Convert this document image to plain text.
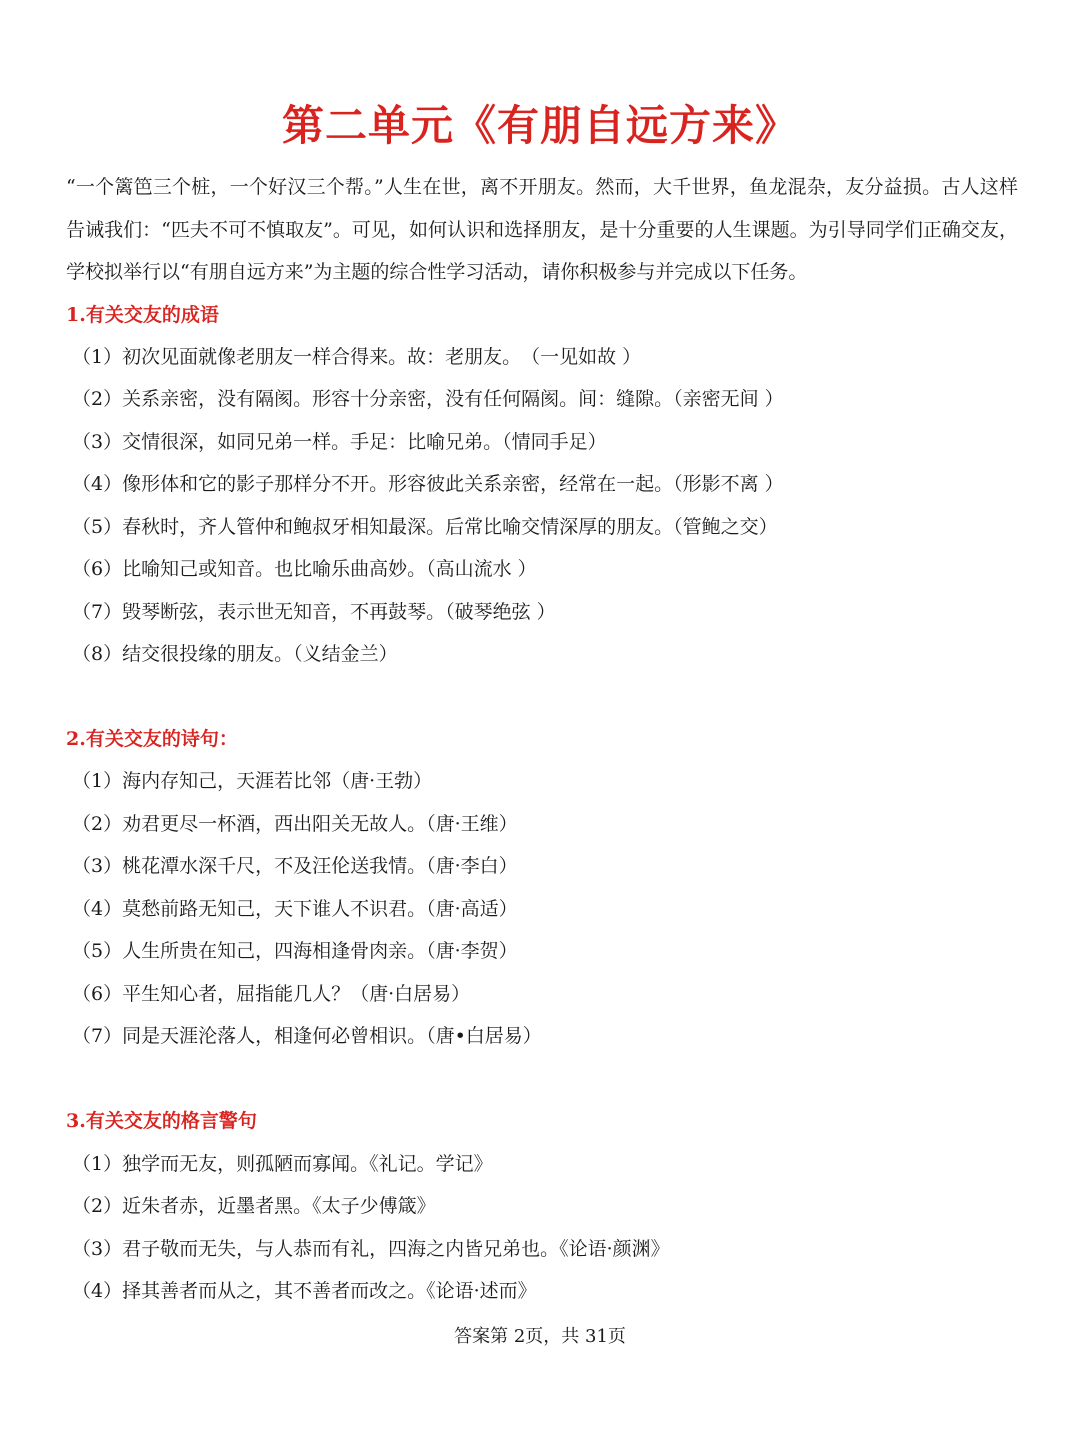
第二单元《有朋自远方来》
“一个篱笆三个桩，一个好汉三个帮。”人生在世，离不开朋友。然而，大千世界，鱼龙混杂，友分益损。古人这样告诫我们：“匹夫不可不慎取友”。可见，如何认识和选择朋友，是十分重要的人生课题。为引导同学们正确交友，学校拟举行以“有朋自远方来”为主题的综合性学习活动，请你积极参与并完成以下任务。
1.有关交友的成语
（1）初次见面就像老朋友一样合得来。故：老朋友。　（一见如故 ）
（2）关系亲密，没有隔阂。形容十分亲密，没有任何隔阂。间：缝隙。（亲密无间 ）
（3）交情很深，如同兄弟一样。手足：比喻兄弟。（情同手足）
（4）像形体和它的影子那样分不开。形容彼此关系亲密，经常在一起。（形影不离 ）
（5）春秋时，齐人管仲和鲍叔牙相知最深。后常比喻交情深厚的朋友。（管鲍之交）
（6）比喻知己或知音。也比喻乐曲高妙。（高山流水 ）
（7）毁琴断弦，表示世无知音，不再鼓琴。（破琴绝弦 ）
（8）结交很投缘的朋友。（义结金兰）
2.有关交友的诗句：
（1）海内存知己，天涯若比邻（唐·王勃）
（2）劝君更尽一杯酒，西出阳关无故人。（唐·王维）
（3）桃花潭水深千尺，不及汪伦送我情。（唐·李白）
（4）莫愁前路无知己，天下谁人不识君。（唐·高适）
（5）人生所贵在知己，四海相逢骨肉亲。（唐·李贺）
（6）平生知心者，屈指能几人？（唐·白居易）
（7）同是天涯沦落人，相逢何必曾相识。（唐•白居易）
3.有关交友的格言警句
（1）独学而无友，则孤陋而寡闻。《礼记。学记》
（2）近朱者赤，近墨者黑。《太子少傅箴》
（3）君子敬而无失，与人恭而有礼，四海之内皆兄弟也。《论语·颜渊》
（4）择其善者而从之，其不善者而改之。《论语·述而》
答案第 2页，共 31页
